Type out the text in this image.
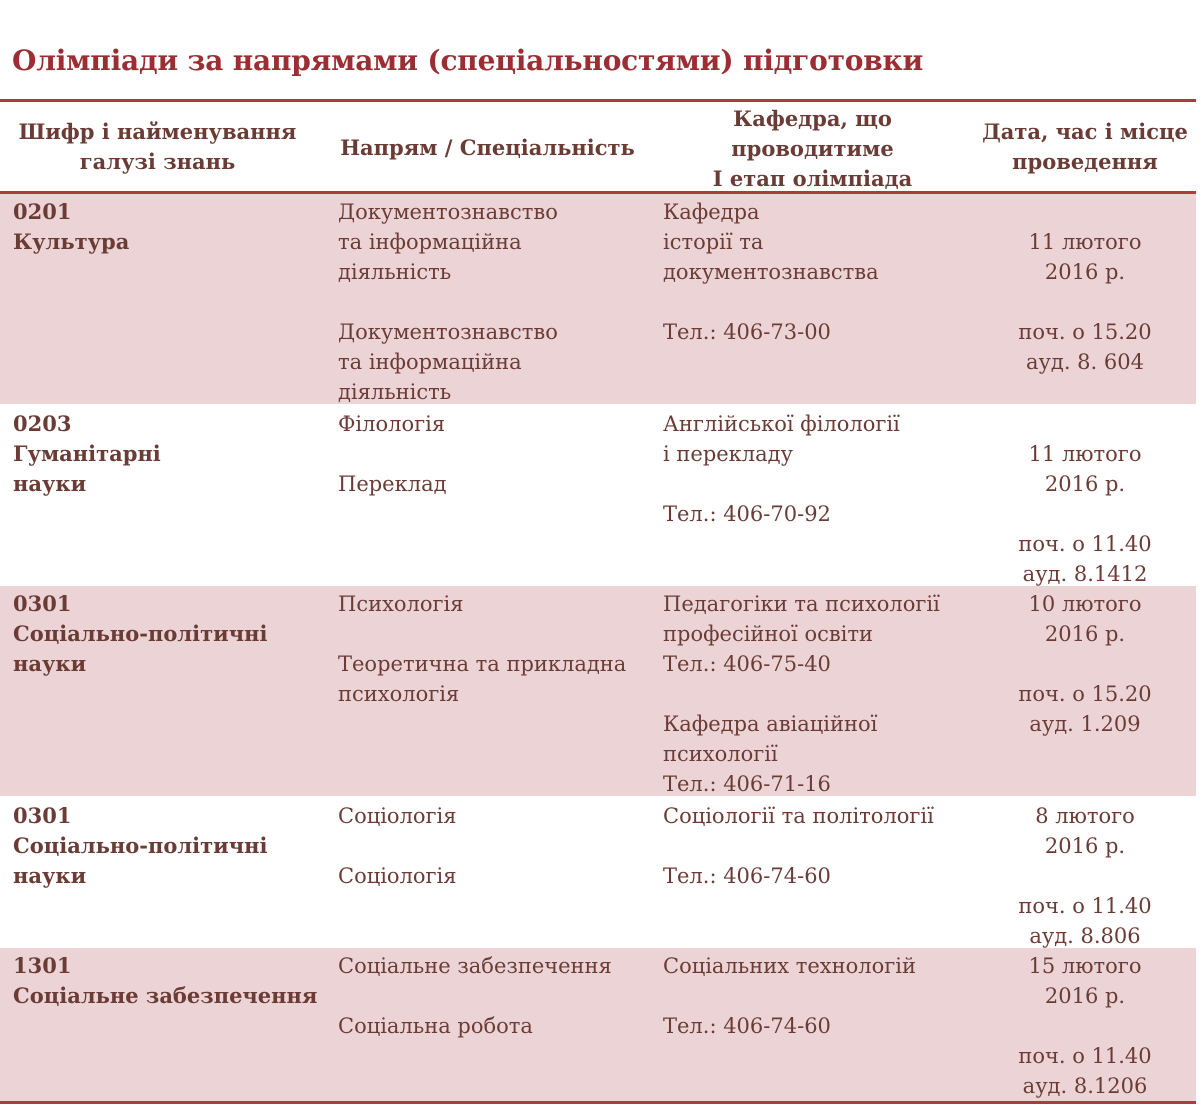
Олімпіади за напрямами (спеціальностями) підготовки
Шифр і найменування
галузі знань
Напрям / Спеціальність
Кафедра, що
проводитиме
І етап олімпіада
Дата, час і місце
проведення
0201
Культура
Документознавство
та інформаційна
діяльність

Документознавство
та інформаційна
діяльність
Кафедра
історії та
документознавства

Тел.: 406-73-00

11 лютого
2016 р.

поч. о 15.20
ауд. 8. 604
0203
Гуманітарні
науки
Філологія

Переклад
Англійської філології
і перекладу

Тел.: 406-70-92

11 лютого
2016 р.

поч. о 11.40
ауд. 8.1412
0301
Соціально-політичні
науки
Психологія

Теоретична та прикладна
психологія
Педагогіки та психології
професійної освіти
Тел.: 406-75-40

Кафедра авіаційної
психології
Тел.: 406-71-16
10 лютого
2016 р.

поч. о 15.20
ауд. 1.209
0301
Соціально-політичні
науки
Соціологія

Соціологія
Соціології та політології

Тел.: 406-74-60
8 лютого
2016 р.

поч. о 11.40
ауд. 8.806
1301
Соціальне забезпечення
Соціальне забезпечення

Соціальна робота
Соціальних технологій

Тел.: 406-74-60
15 лютого
2016 р.

поч. о 11.40
ауд. 8.1206
